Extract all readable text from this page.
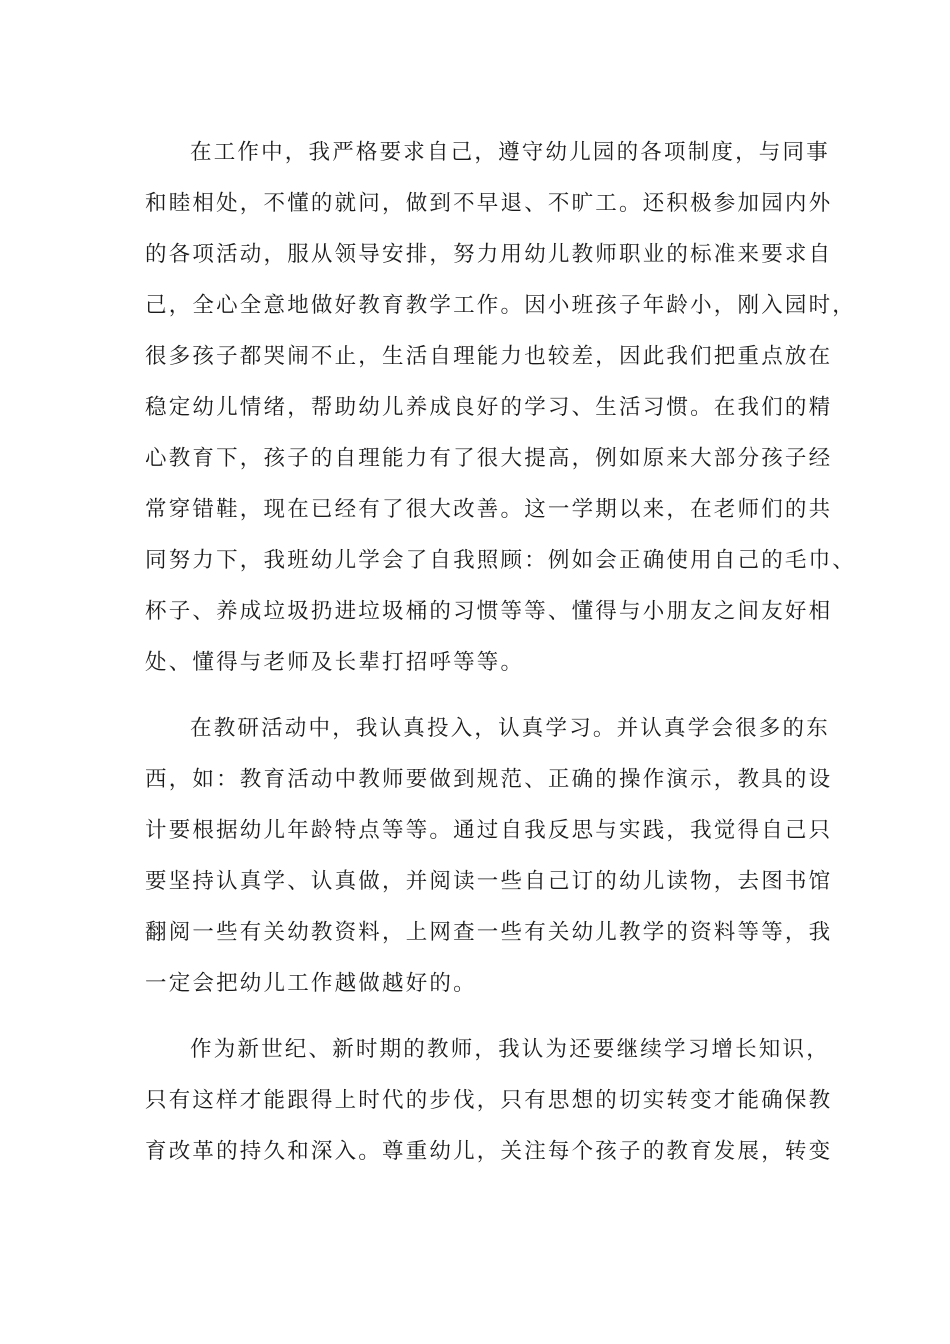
在工作中，我严格要求自己，遵守幼儿园的各项制度，与同事
和睦相处，不懂的就问，做到不早退、不旷工。还积极参加园内外
的各项活动，服从领导安排，努力用幼儿教师职业的标准来要求自
己，全心全意地做好教育教学工作。因小班孩子年龄小，刚入园时，
很多孩子都哭闹不止，生活自理能力也较差，因此我们把重点放在
稳定幼儿情绪，帮助幼儿养成良好的学习、生活习惯。在我们的精
心教育下，孩子的自理能力有了很大提高，例如原来大部分孩子经
常穿错鞋，现在已经有了很大改善。这一学期以来，在老师们的共
同努力下，我班幼儿学会了自我照顾：例如会正确使用自己的毛巾、
杯子、养成垃圾扔进垃圾桶的习惯等等、懂得与小朋友之间友好相
处、懂得与老师及长辈打招呼等等。
在教研活动中，我认真投入，认真学习。并认真学会很多的东
西，如：教育活动中教师要做到规范、正确的操作演示，教具的设
计要根据幼儿年龄特点等等。通过自我反思与实践，我觉得自己只
要坚持认真学、认真做，并阅读一些自己订的幼儿读物，去图书馆
翻阅一些有关幼教资料，上网查一些有关幼儿教学的资料等等，我
一定会把幼儿工作越做越好的。
作为新世纪、新时期的教师，我认为还要继续学习增长知识，
只有这样才能跟得上时代的步伐，只有思想的切实转变才能确保教
育改革的持久和深入。尊重幼儿，关注每个孩子的教育发展，转变
